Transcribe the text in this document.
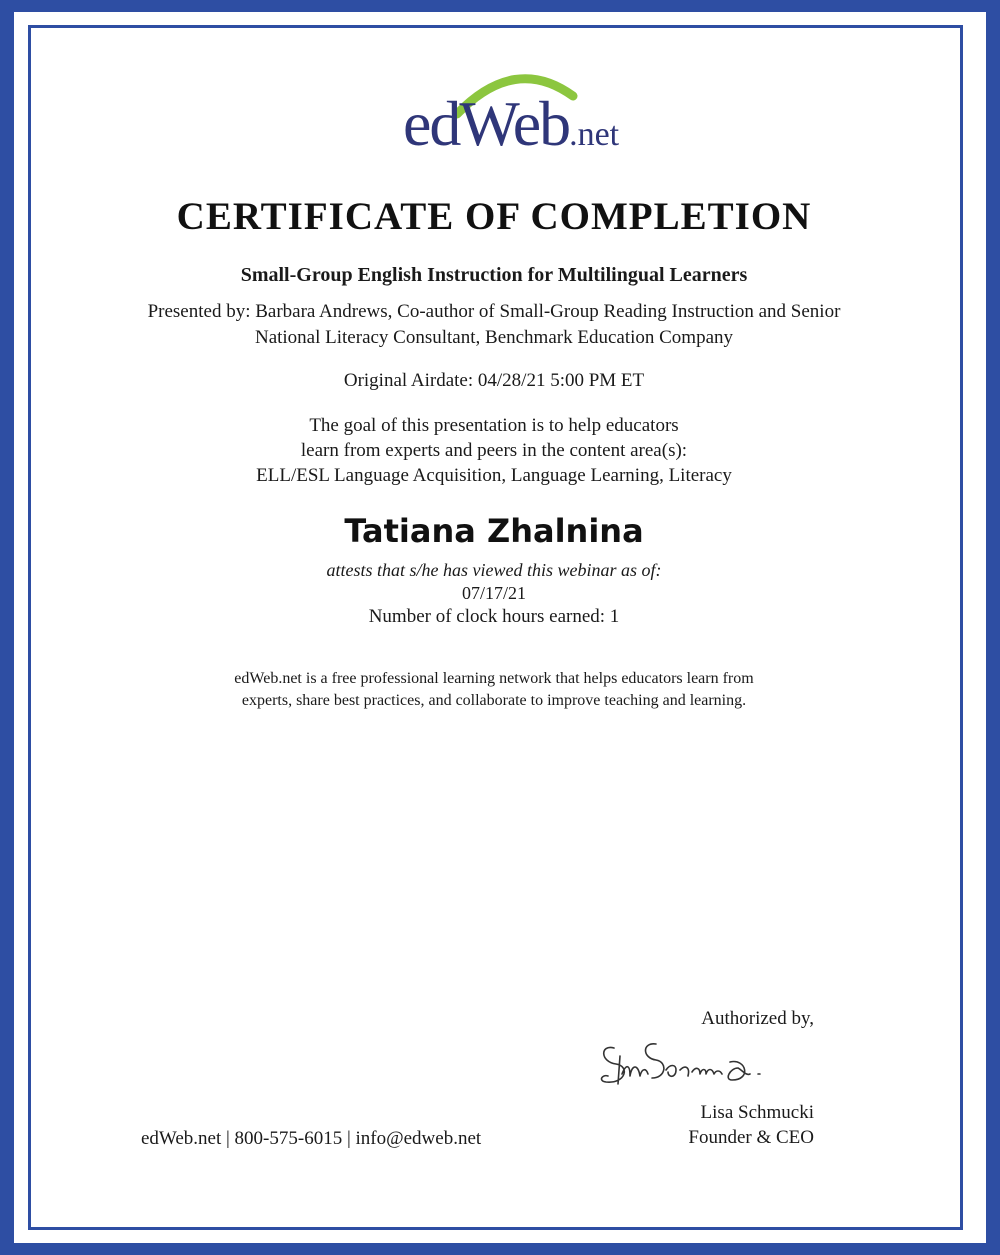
edWeb.net
CERTIFICATE OF COMPLETION
Small-Group English Instruction for Multilingual Learners
Presented by: Barbara Andrews, Co-author of Small-Group Reading Instruction and Senior
National Literacy Consultant, Benchmark Education Company
Original Airdate: 04/28/21 5:00 PM ET
The goal of this presentation is to help educators
learn from experts and peers in the content area(s):
ELL/ESL Language Acquisition, Language Learning, Literacy
Tatiana Zhalnina
attests that s/he has viewed this webinar as of:
07/17/21
Number of clock hours earned: 1
edWeb.net is a free professional learning network that helps educators learn from
experts, share best practices, and collaborate to improve teaching and learning.
Authorized by,
Lisa Schmucki
Founder & CEO
edWeb.net | 800-575-6015 | info@edweb.net
